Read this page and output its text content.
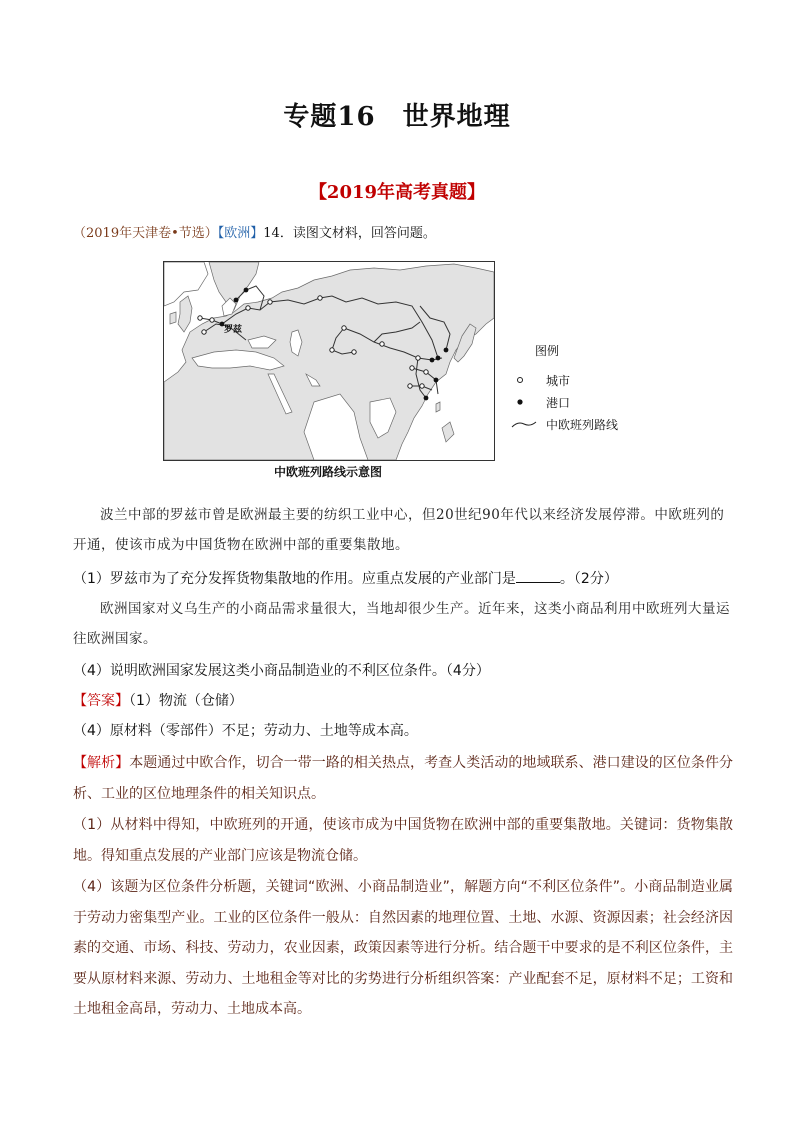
专题16　世界地理
【2019年高考真题】
（2019年天津卷•节选）【欧洲】14．读图文材料，回答问题。
罗兹
中欧班列路线示意图
图例
城市
港口
中欧班列路线
波兰中部的罗兹市曾是欧洲最主要的纺织工业中心，但20世纪90年代以来经济发展停滞。中欧班列的开通，使该市成为中国货物在欧洲中部的重要集散地。
（1）罗兹市为了充分发挥货物集散地的作用。应重点发展的产业部门是	。（2分）
欧洲国家对义乌生产的小商品需求量很大，当地却很少生产。近年来，这类小商品利用中欧班列大量运往欧洲国家。
（4）说明欧洲国家发展这类小商品制造业的不利区位条件。（4分）
【答案】（1）物流（仓储）
（4）原材料（零部件）不足；劳动力、土地等成本高。
【解析】本题通过中欧合作，切合一带一路的相关热点，考查人类活动的地域联系、港口建设的区位条件分析、工业的区位地理条件的相关知识点。
（1）从材料中得知，中欧班列的开通，使该市成为中国货物在欧洲中部的重要集散地。关键词：货物集散地。得知重点发展的产业部门应该是物流仓储。
（4）该题为区位条件分析题，关键词“欧洲、小商品制造业”，解题方向“不利区位条件”。小商品制造业属于劳动力密集型产业。工业的区位条件一般从：自然因素的地理位置、土地、水源、资源因素；社会经济因素的交通、市场、科技、劳动力，农业因素，政策因素等进行分析。结合题干中要求的是不利区位条件，主要从原材料来源、劳动力、土地租金等对比的劣势进行分析组织答案：产业配套不足，原材料不足；工资和土地租金高昂，劳动力、土地成本高。
